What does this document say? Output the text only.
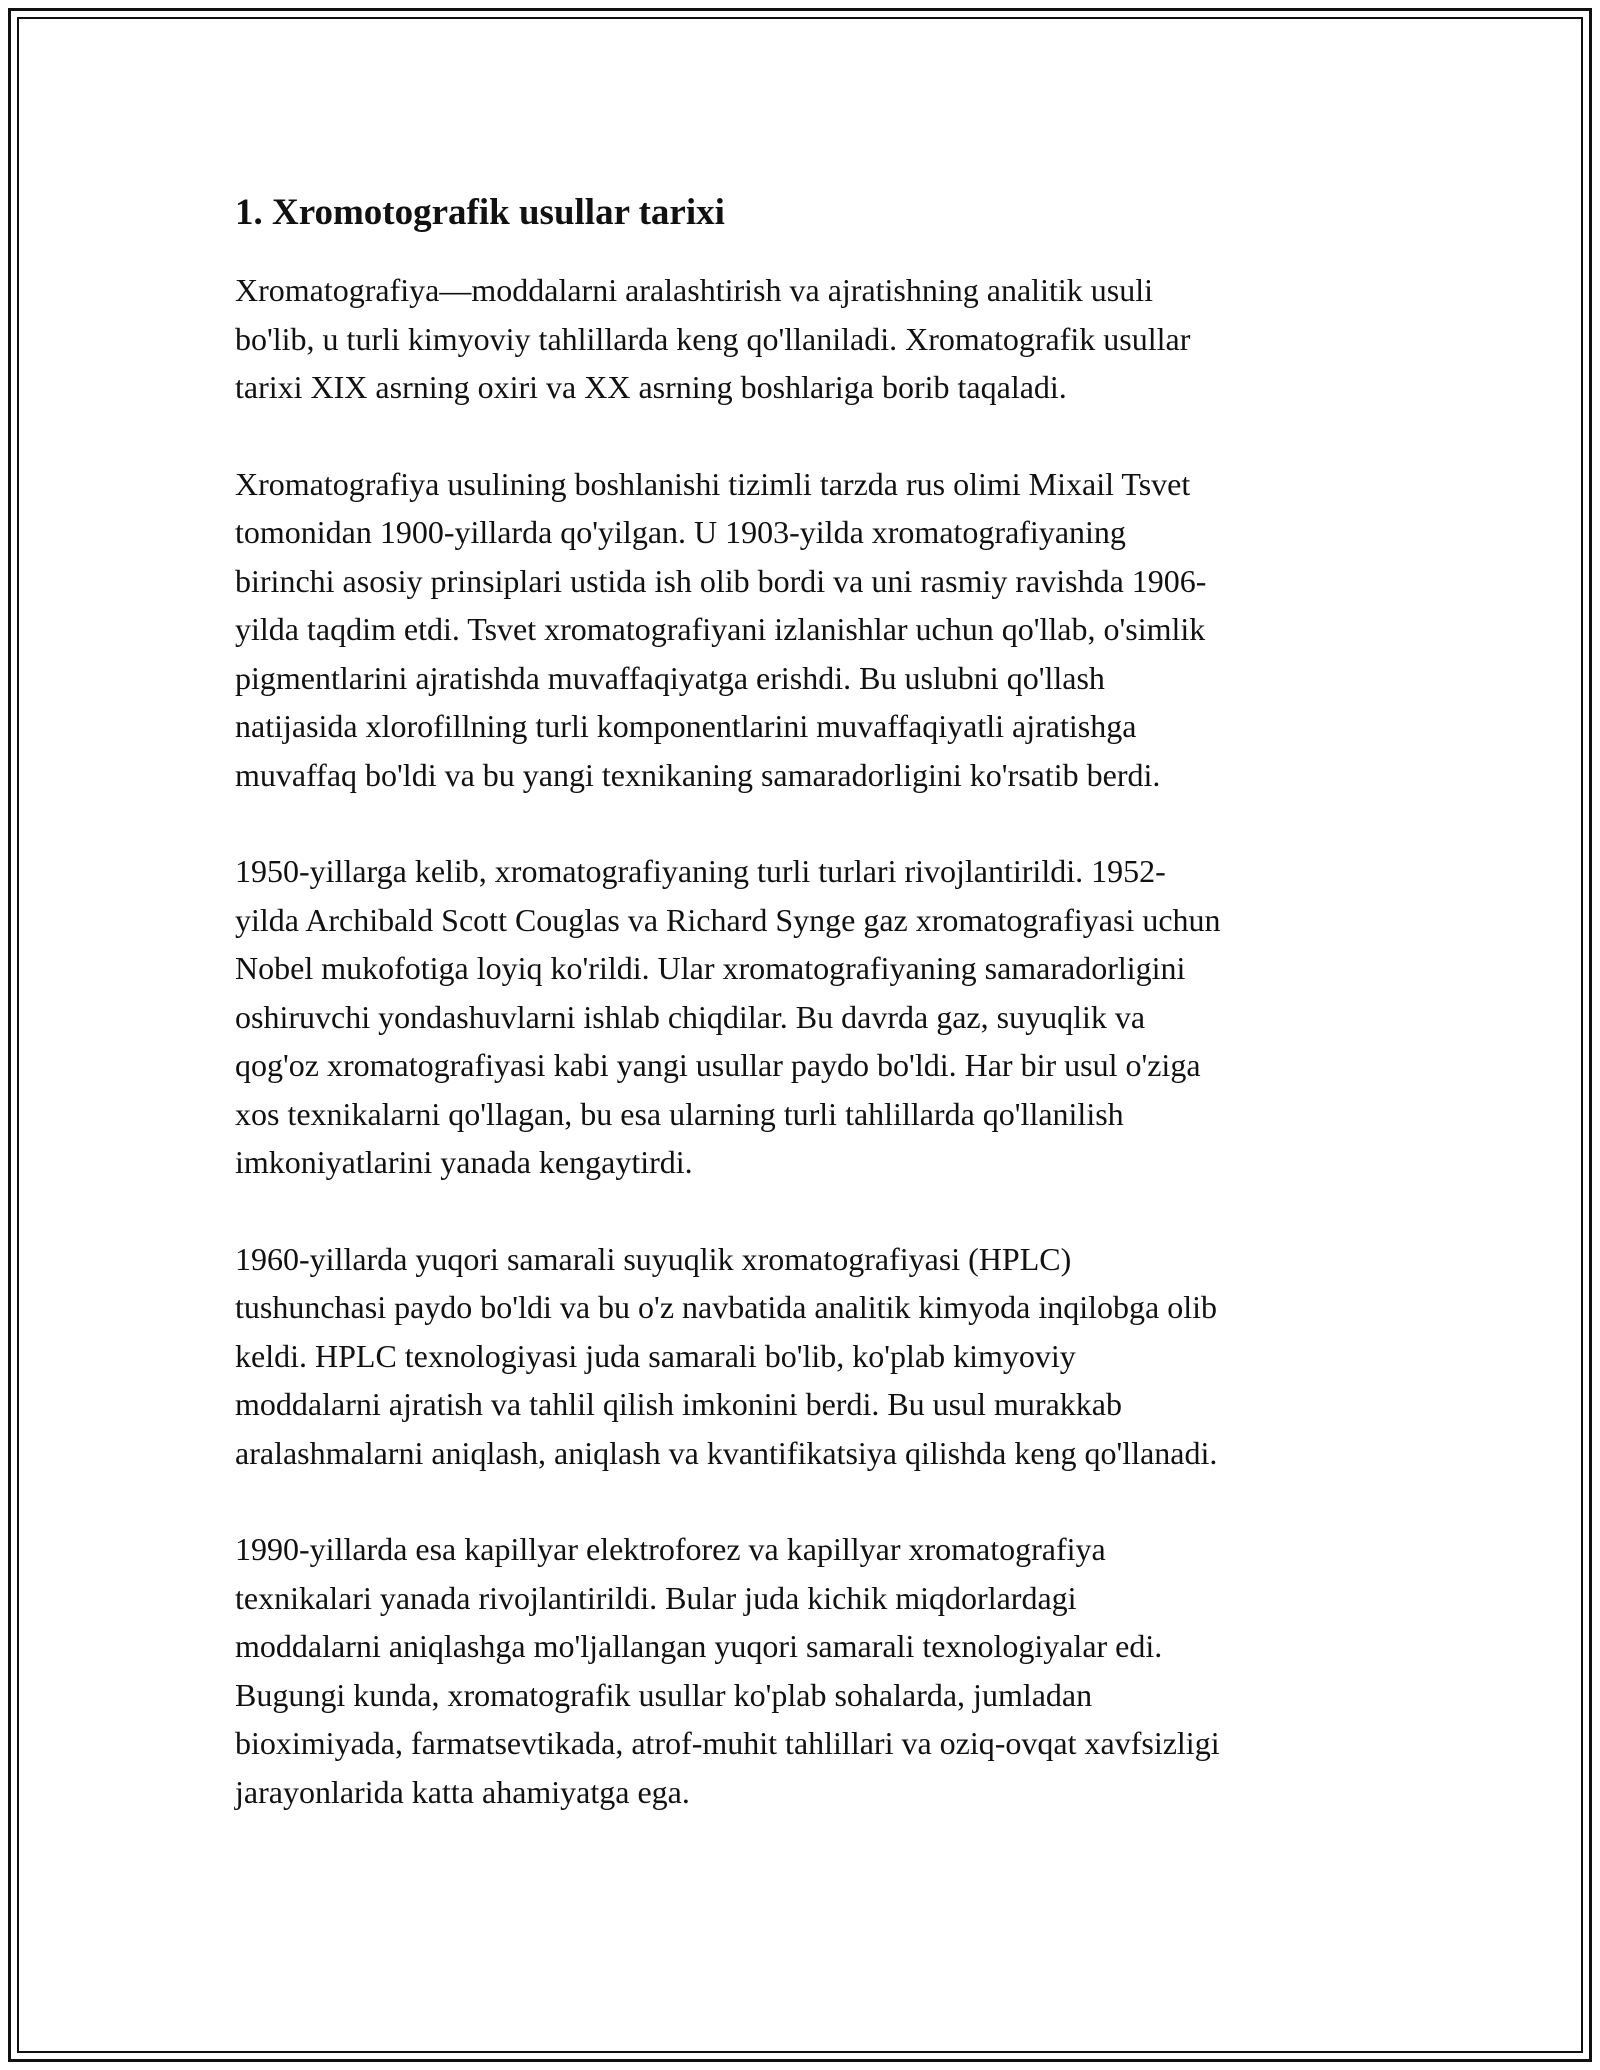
1. Xromotografik usullar tarixi

Xromatografiya—moddalarni aralashtirish va ajratishning analitik usuli
bo'lib, u turli kimyoviy tahlillarda keng qo'llaniladi. Xromatografik usullar
tarixi XIX asrning oxiri va XX asrning boshlariga borib taqaladi.

Xromatografiya usulining boshlanishi tizimli tarzda rus olimi Mixail Tsvet
tomonidan 1900-yillarda qo'yilgan. U 1903-yilda xromatografiyaning
birinchi asosiy prinsiplari ustida ish olib bordi va uni rasmiy ravishda 1906-
yilda taqdim etdi. Tsvet xromatografiyani izlanishlar uchun qo'llab, o'simlik
pigmentlarini ajratishda muvaffaqiyatga erishdi. Bu uslubni qo'llash
natijasida xlorofillning turli komponentlarini muvaffaqiyatli ajratishga
muvaffaq bo'ldi va bu yangi texnikaning samaradorligini ko'rsatib berdi.

1950-yillarga kelib, xromatografiyaning turli turlari rivojlantirildi. 1952-
yilda Archibald Scott Couglas va Richard Synge gaz xromatografiyasi uchun
Nobel mukofotiga loyiq ko'rildi. Ular xromatografiyaning samaradorligini
oshiruvchi yondashuvlarni ishlab chiqdilar. Bu davrda gaz, suyuqlik va
qog'oz xromatografiyasi kabi yangi usullar paydo bo'ldi. Har bir usul o'ziga
xos texnikalarni qo'llagan, bu esa ularning turli tahlillarda qo'llanilish
imkoniyatlarini yanada kengaytirdi.

1960-yillarda yuqori samarali suyuqlik xromatografiyasi (HPLC)
tushunchasi paydo bo'ldi va bu o'z navbatida analitik kimyoda inqilobga olib
keldi. HPLC texnologiyasi juda samarali bo'lib, ko'plab kimyoviy
moddalarni ajratish va tahlil qilish imkonini berdi. Bu usul murakkab
aralashmalarni aniqlash, aniqlash va kvantifikatsiya qilishda keng qo'llanadi.

1990-yillarda esa kapillyar elektroforez va kapillyar xromatografiya
texnikalari yanada rivojlantirildi. Bular juda kichik miqdorlardagi
moddalarni aniqlashga mo'ljallangan yuqori samarali texnologiyalar edi.
Bugungi kunda, xromatografik usullar ko'plab sohalarda, jumladan
bioximiyada, farmatsevtikada, atrof-muhit tahlillari va oziq-ovqat xavfsizligi
jarayonlarida katta ahamiyatga ega.
